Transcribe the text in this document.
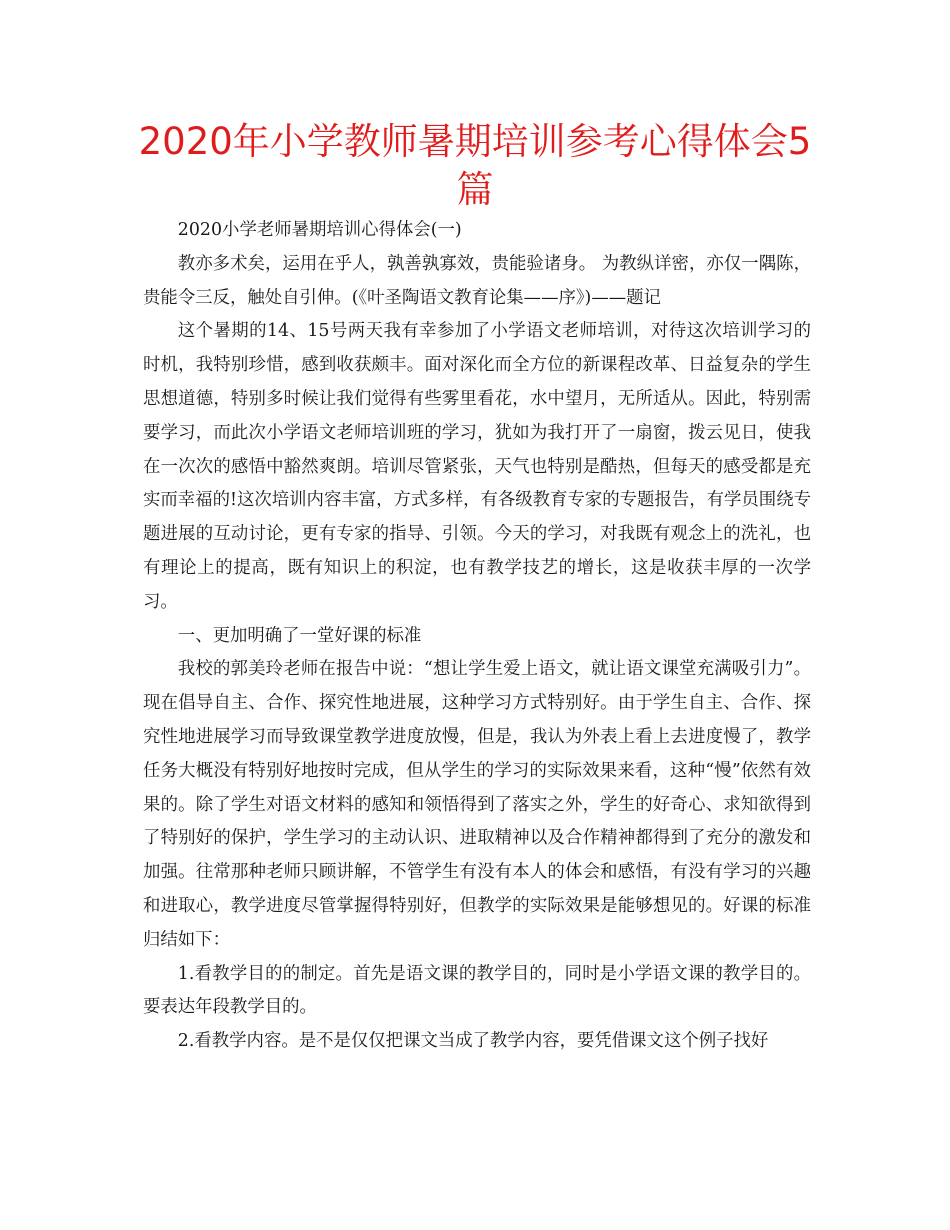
2020年小学教师暑期培训参考心得体会5篇

2020小学老师暑期培训心得体会(一)

教亦多术矣，运用在乎人，孰善孰寡效，贵能验诸身。 为教纵详密，亦仅一隅陈，贵能令三反，触处自引伸。(《叶圣陶语文教育论集——序》)——题记

这个暑期的14、15号两天我有幸参加了小学语文老师培训，对待这次培训学习的时机，我特别珍惜，感到收获颇丰。面对深化而全方位的新课程改革、日益复杂的学生思想道德，特别多时候让我们觉得有些雾里看花，水中望月，无所适从。因此，特别需要学习，而此次小学语文老师培训班的学习，犹如为我打开了一扇窗，拨云见日，使我在一次次的感悟中豁然爽朗。培训尽管紧张，天气也特别是酷热，但每天的感受都是充实而幸福的!这次培训内容丰富，方式多样，有各级教育专家的专题报告，有学员围绕专题进展的互动讨论，更有专家的指导、引领。今天的学习，对我既有观念上的洗礼，也有理论上的提高，既有知识上的积淀，也有教学技艺的增长，这是收获丰厚的一次学习。

一、更加明确了一堂好课的标准

我校的郭美玲老师在报告中说：“想让学生爱上语文，就让语文课堂充满吸引力”。 现在倡导自主、合作、探究性地进展，这种学习方式特别好。由于学生自主、合作、探究性地进展学习而导致课堂教学进度放慢，但是，我认为外表上看上去进度慢了，教学任务大概没有特别好地按时完成，但从学生的学习的实际效果来看，这种“慢”依然有效果的。除了学生对语文材料的感知和领悟得到了落实之外，学生的好奇心、求知欲得到了特别好的保护，学生学习的主动认识、进取精神以及合作精神都得到了充分的激发和加强。往常那种老师只顾讲解，不管学生有没有本人的体会和感悟，有没有学习的兴趣和进取心，教学进度尽管掌握得特别好，但教学的实际效果是能够想见的。好课的标准归结如下：

1.看教学目的的制定。首先是语文课的教学目的，同时是小学语文课的教学目的。要表达年段教学目的。

2.看教学内容。是不是仅仅把课文当成了教学内容，要凭借课文这个例子找好
